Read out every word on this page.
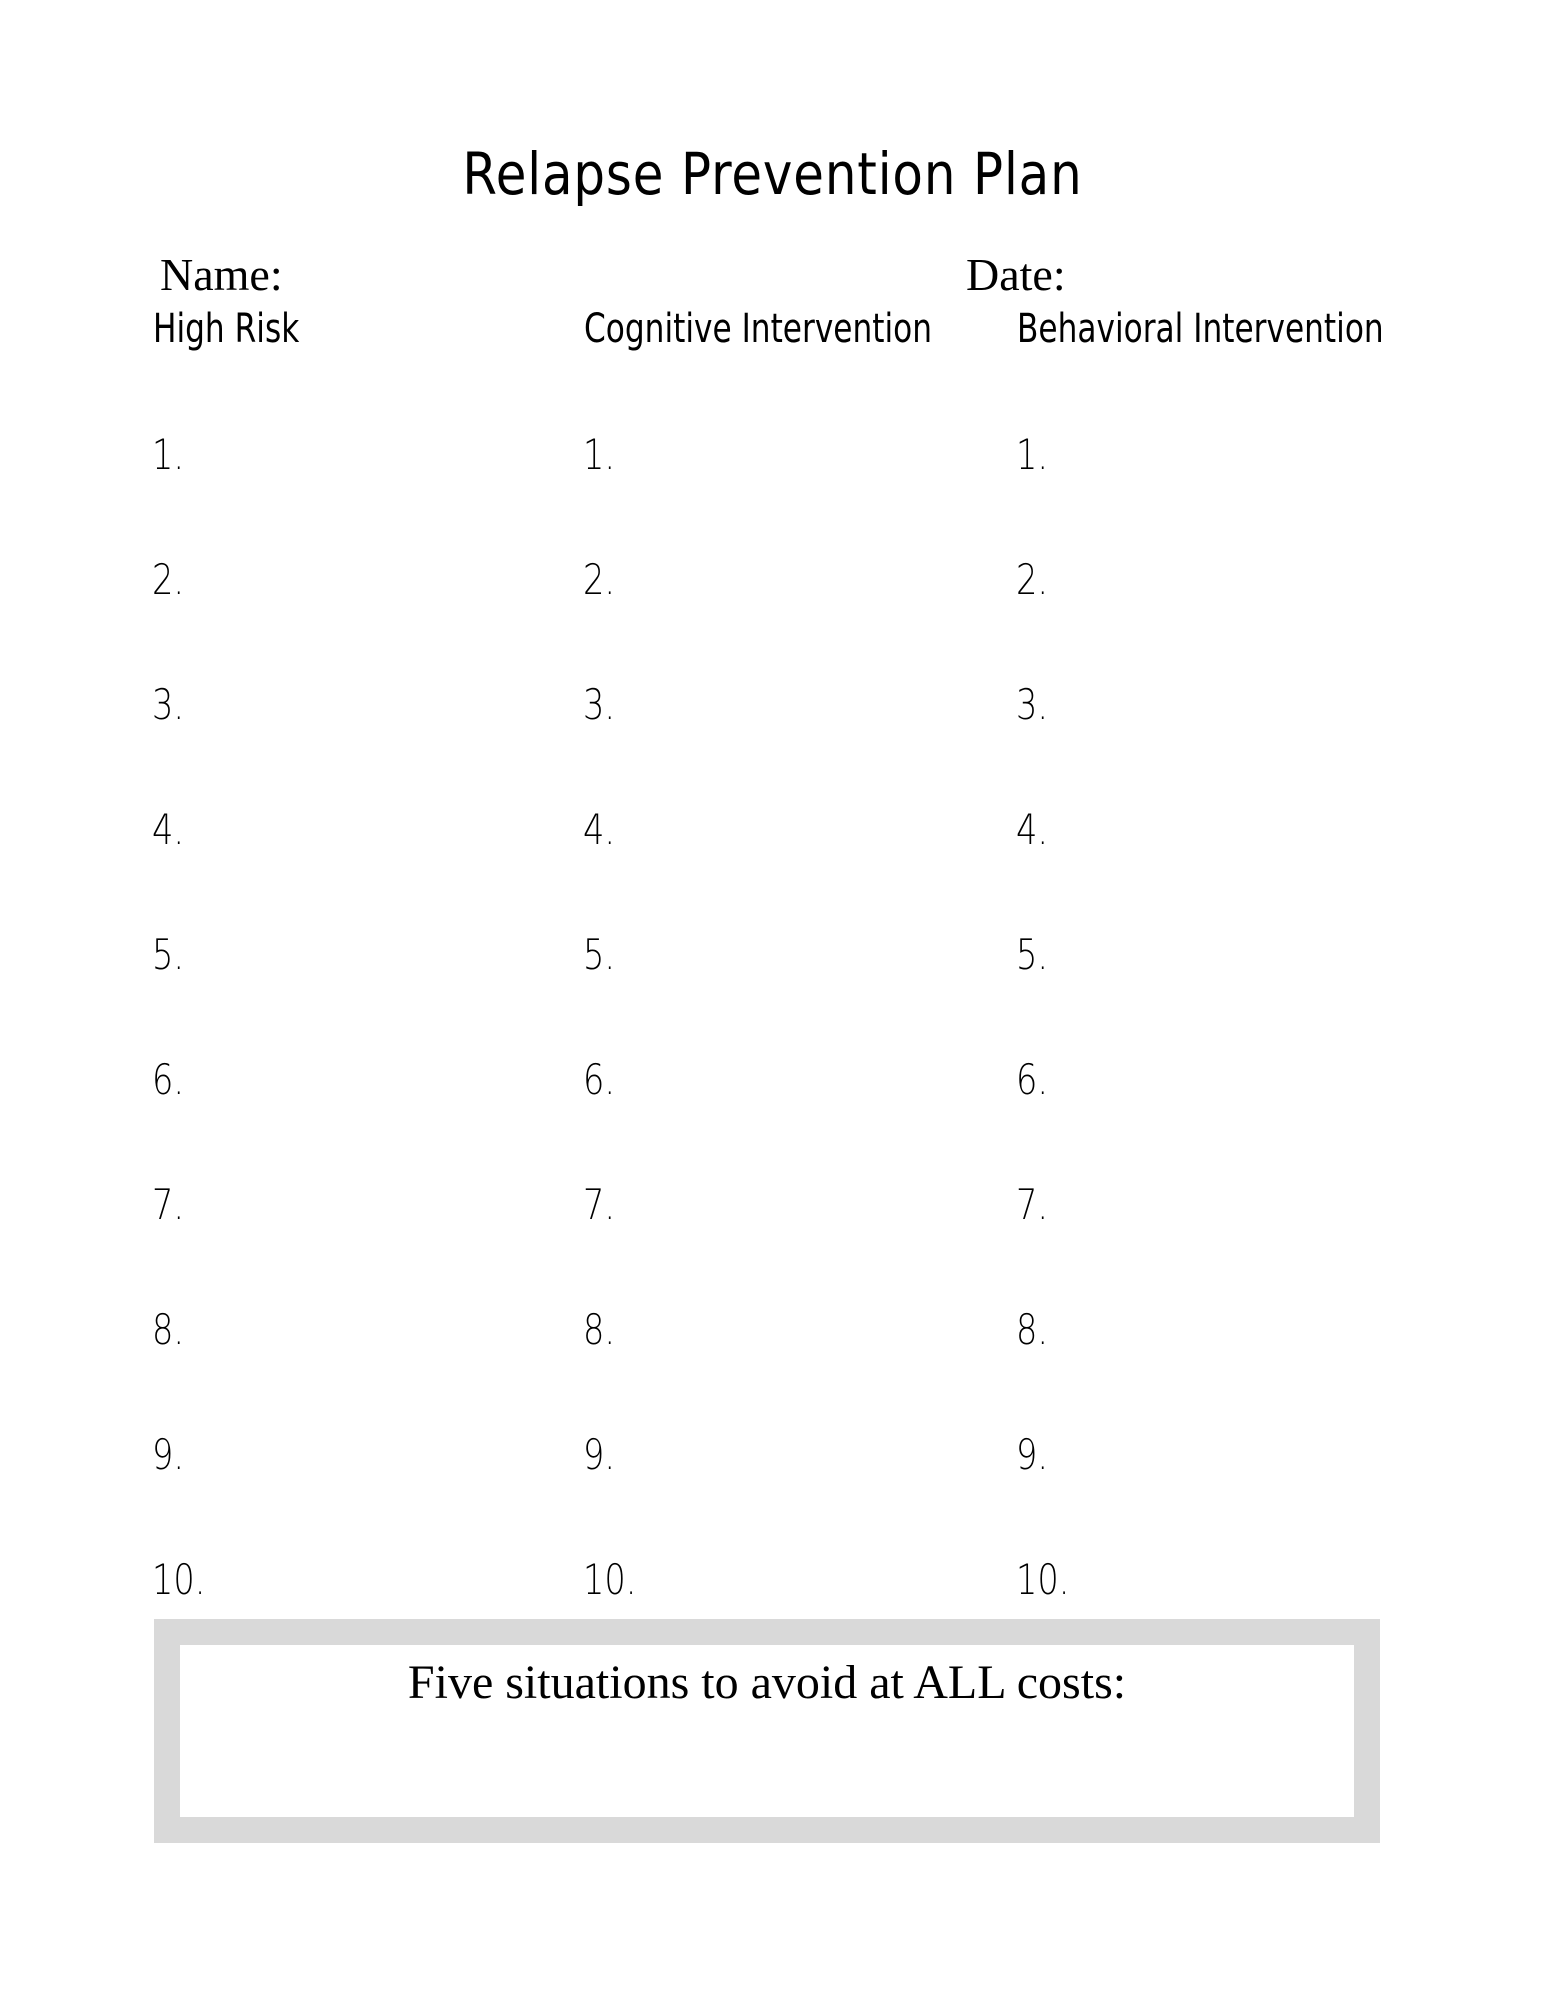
Relapse Prevention Plan
Name:	Date:
High Risk	Cognitive Intervention Behavioral Intervention
1.
2.
3.
4.
5.
6.
7.
8.
9.
10.
1.
2.
3.
4.
5.
6.
7.
8.
9.
10.
1.
2.
3.
4.
5.
6.
7.
8.
9.
10.
Five situations to avoid at ALL costs:
